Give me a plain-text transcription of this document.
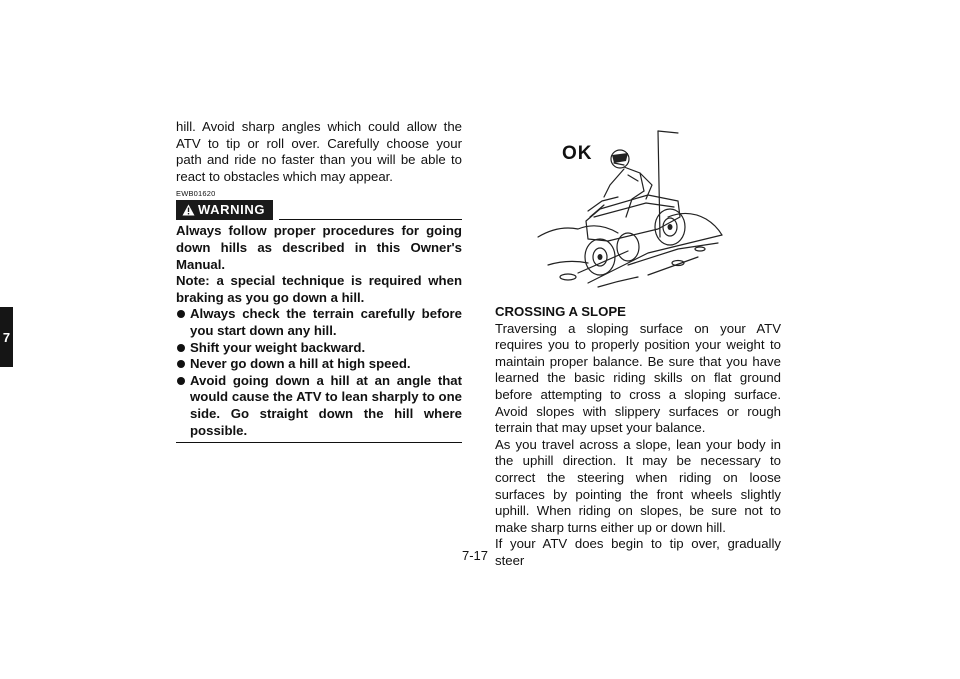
7

hill. Avoid sharp angles which could allow the ATV to tip or roll over. Carefully choose your path and ride no faster than you will be able to react to obstacles which may appear.

EWB01620
WARNING

Always follow proper procedures for going down hills as described in this Owner's Manual.

Note: a special technique is required when braking as you go down a hill.

Always check the terrain carefully before you start down any hill.
Shift your weight backward.
Never go down a hill at high speed.
Avoid going down a hill at an angle that would cause the ATV to lean sharply to one side. Go straight down the hill where possible.
OK

CROSSING A SLOPE

Traversing a sloping surface on your ATV requires you to properly position your weight to maintain proper balance. Be sure that you have learned the basic riding skills on flat ground before attempting to cross a sloping surface. Avoid slopes with slippery surfaces or rough terrain that may upset your balance.

As you travel across a slope, lean your body in the uphill direction. It may be necessary to correct the steering when riding on loose surfaces by pointing the front wheels slightly uphill. When riding on slopes, be sure not to make sharp turns either up or down hill.

If your ATV does begin to tip over, gradually steer

7-17
